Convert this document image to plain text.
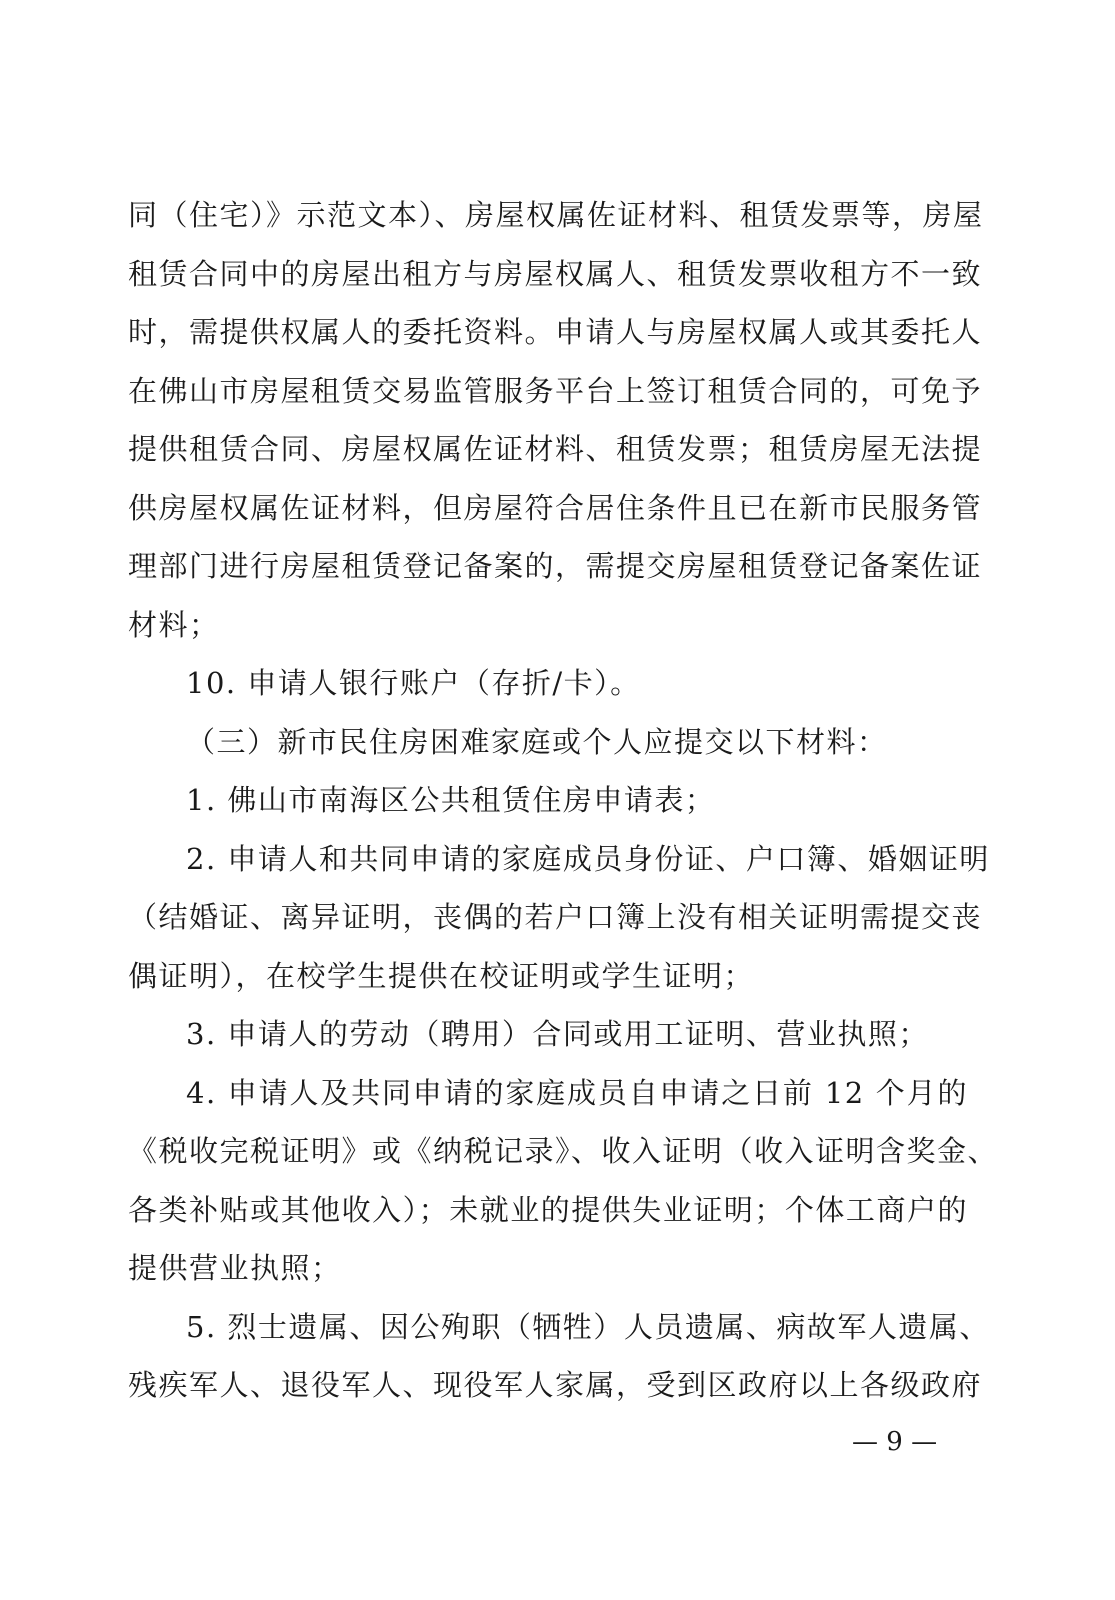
同（住宅）》示范文本）、房屋权属佐证材料、租赁发票等，房屋
租赁合同中的房屋出租方与房屋权属人、租赁发票收租方不一致
时，需提供权属人的委托资料。申请人与房屋权属人或其委托人
在佛山市房屋租赁交易监管服务平台上签订租赁合同的，可免予
提供租赁合同、房屋权属佐证材料、租赁发票；租赁房屋无法提
供房屋权属佐证材料，但房屋符合居住条件且已在新市民服务管
理部门进行房屋租赁登记备案的，需提交房屋租赁登记备案佐证
材料；
10. 申请人银行账户（存折/卡）。
（三）新市民住房困难家庭或个人应提交以下材料：
1. 佛山市南海区公共租赁住房申请表；
2. 申请人和共同申请的家庭成员身份证、户口簿、婚姻证明
（结婚证、离异证明，丧偶的若户口簿上没有相关证明需提交丧
偶证明），在校学生提供在校证明或学生证明；
3. 申请人的劳动（聘用）合同或用工证明、营业执照；
4. 申请人及共同申请的家庭成员自申请之日前 12 个月的
《税收完税证明》或《纳税记录》、收入证明（收入证明含奖金、
各类补贴或其他收入）；未就业的提供失业证明；个体工商户的
提供营业执照；
5. 烈士遗属、因公殉职（牺牲）人员遗属、病故军人遗属、
残疾军人、退役军人、现役军人家属，受到区政府以上各级政府
— 9 —
